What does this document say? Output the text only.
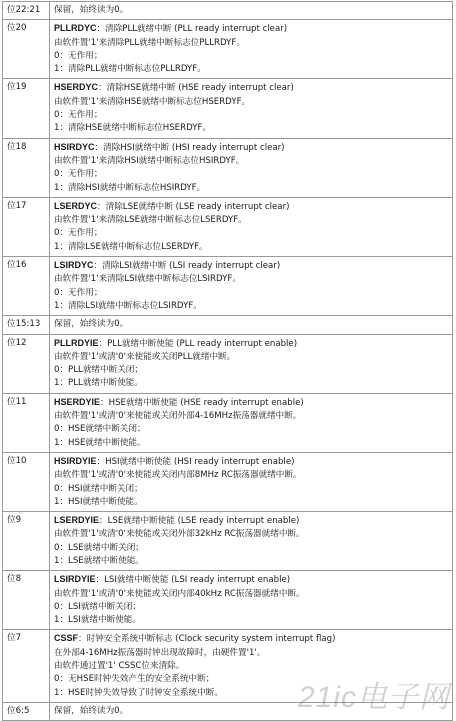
位22:21	保留，始终读为0。

位20	PLLRDYC：清除PLL就绪中断 (PLL ready interrupt clear)
由软件置'1'来清除PLL就绪中断标志位PLLRDYF。
0：无作用；
1：清除PLL就绪中断标志位PLLRDYF。

位19	HSERDYC：清除HSE就绪中断 (HSE ready interrupt clear)
由软件置'1'来清除HSE就绪中断标志位HSERDYF。
0：无作用；
1：清除HSE就绪中断标志位HSERDYF。

位18	HSIRDYC：清除HSI就绪中断 (HSI ready interrupt clear)
由软件置'1'来清除HSI就绪中断标志位HSIRDYF。
0：无作用；
1：清除HSI就绪中断标志位HSIRDYF。

位17	LSERDYC：清除LSE就绪中断 (LSE ready interrupt clear)
由软件置'1'来清除LSE就绪中断标志位LSERDYF。
0：无作用；
1：清除LSE就绪中断标志位LSERDYF。

位16	LSIRDYC：清除LSI就绪中断 (LSI ready interrupt clear)
由软件置'1'来清除LSI就绪中断标志位LSIRDYF。
0：无作用；
1：清除LSI就绪中断标志位LSIRDYF。

位15:13	保留，始终读为0。

位12	PLLRDYIE：PLL就绪中断使能 (PLL ready interrupt enable)
由软件置'1'或清'0'来使能或关闭PLL就绪中断。
0：PLL就绪中断关闭；
1：PLL就绪中断使能。

位11	HSERDYIE：HSE就绪中断使能 (HSE ready interrupt enable)
由软件置'1'或清'0'来使能或关闭外部4-16MHz振荡器就绪中断。
0：HSE就绪中断关闭；
1：HSE就绪中断使能。

位10	HSIRDYIE：HSI就绪中断使能 (HSI ready interrupt enable)
由软件置'1'或清'0'来使能或关闭内部8MHz RC振荡器就绪中断。
0：HSI就绪中断关闭；
1：HSI就绪中断使能。

位9	LSERDYIE：LSE就绪中断使能 (LSE ready interrupt enable)
由软件置'1'或清'0'来使能或关闭外部32kHz RC振荡器就绪中断。
0：LSE就绪中断关闭；
1：LSE就绪中断使能。

位8	LSIRDYIE：LSI就绪中断使能 (LSI ready interrupt enable)
由软件置'1'或清'0'来使能或关闭内部40kHz RC振荡器就绪中断。
0：LSI就绪中断关闭；
1：LSI就绪中断使能。

位7	CSSF：时钟安全系统中断标志 (Clock security system interrupt flag)
在外部4-16MHz振荡器时钟出现故障时，由硬件置'1'。
由软件通过置'1' CSSC位来清除。
0：无HSE时钟失效产生的安全系统中断；
1：HSE时钟失效导致了时钟安全系统中断。

位6:5	保留，始终读为0。	21ic电子网
